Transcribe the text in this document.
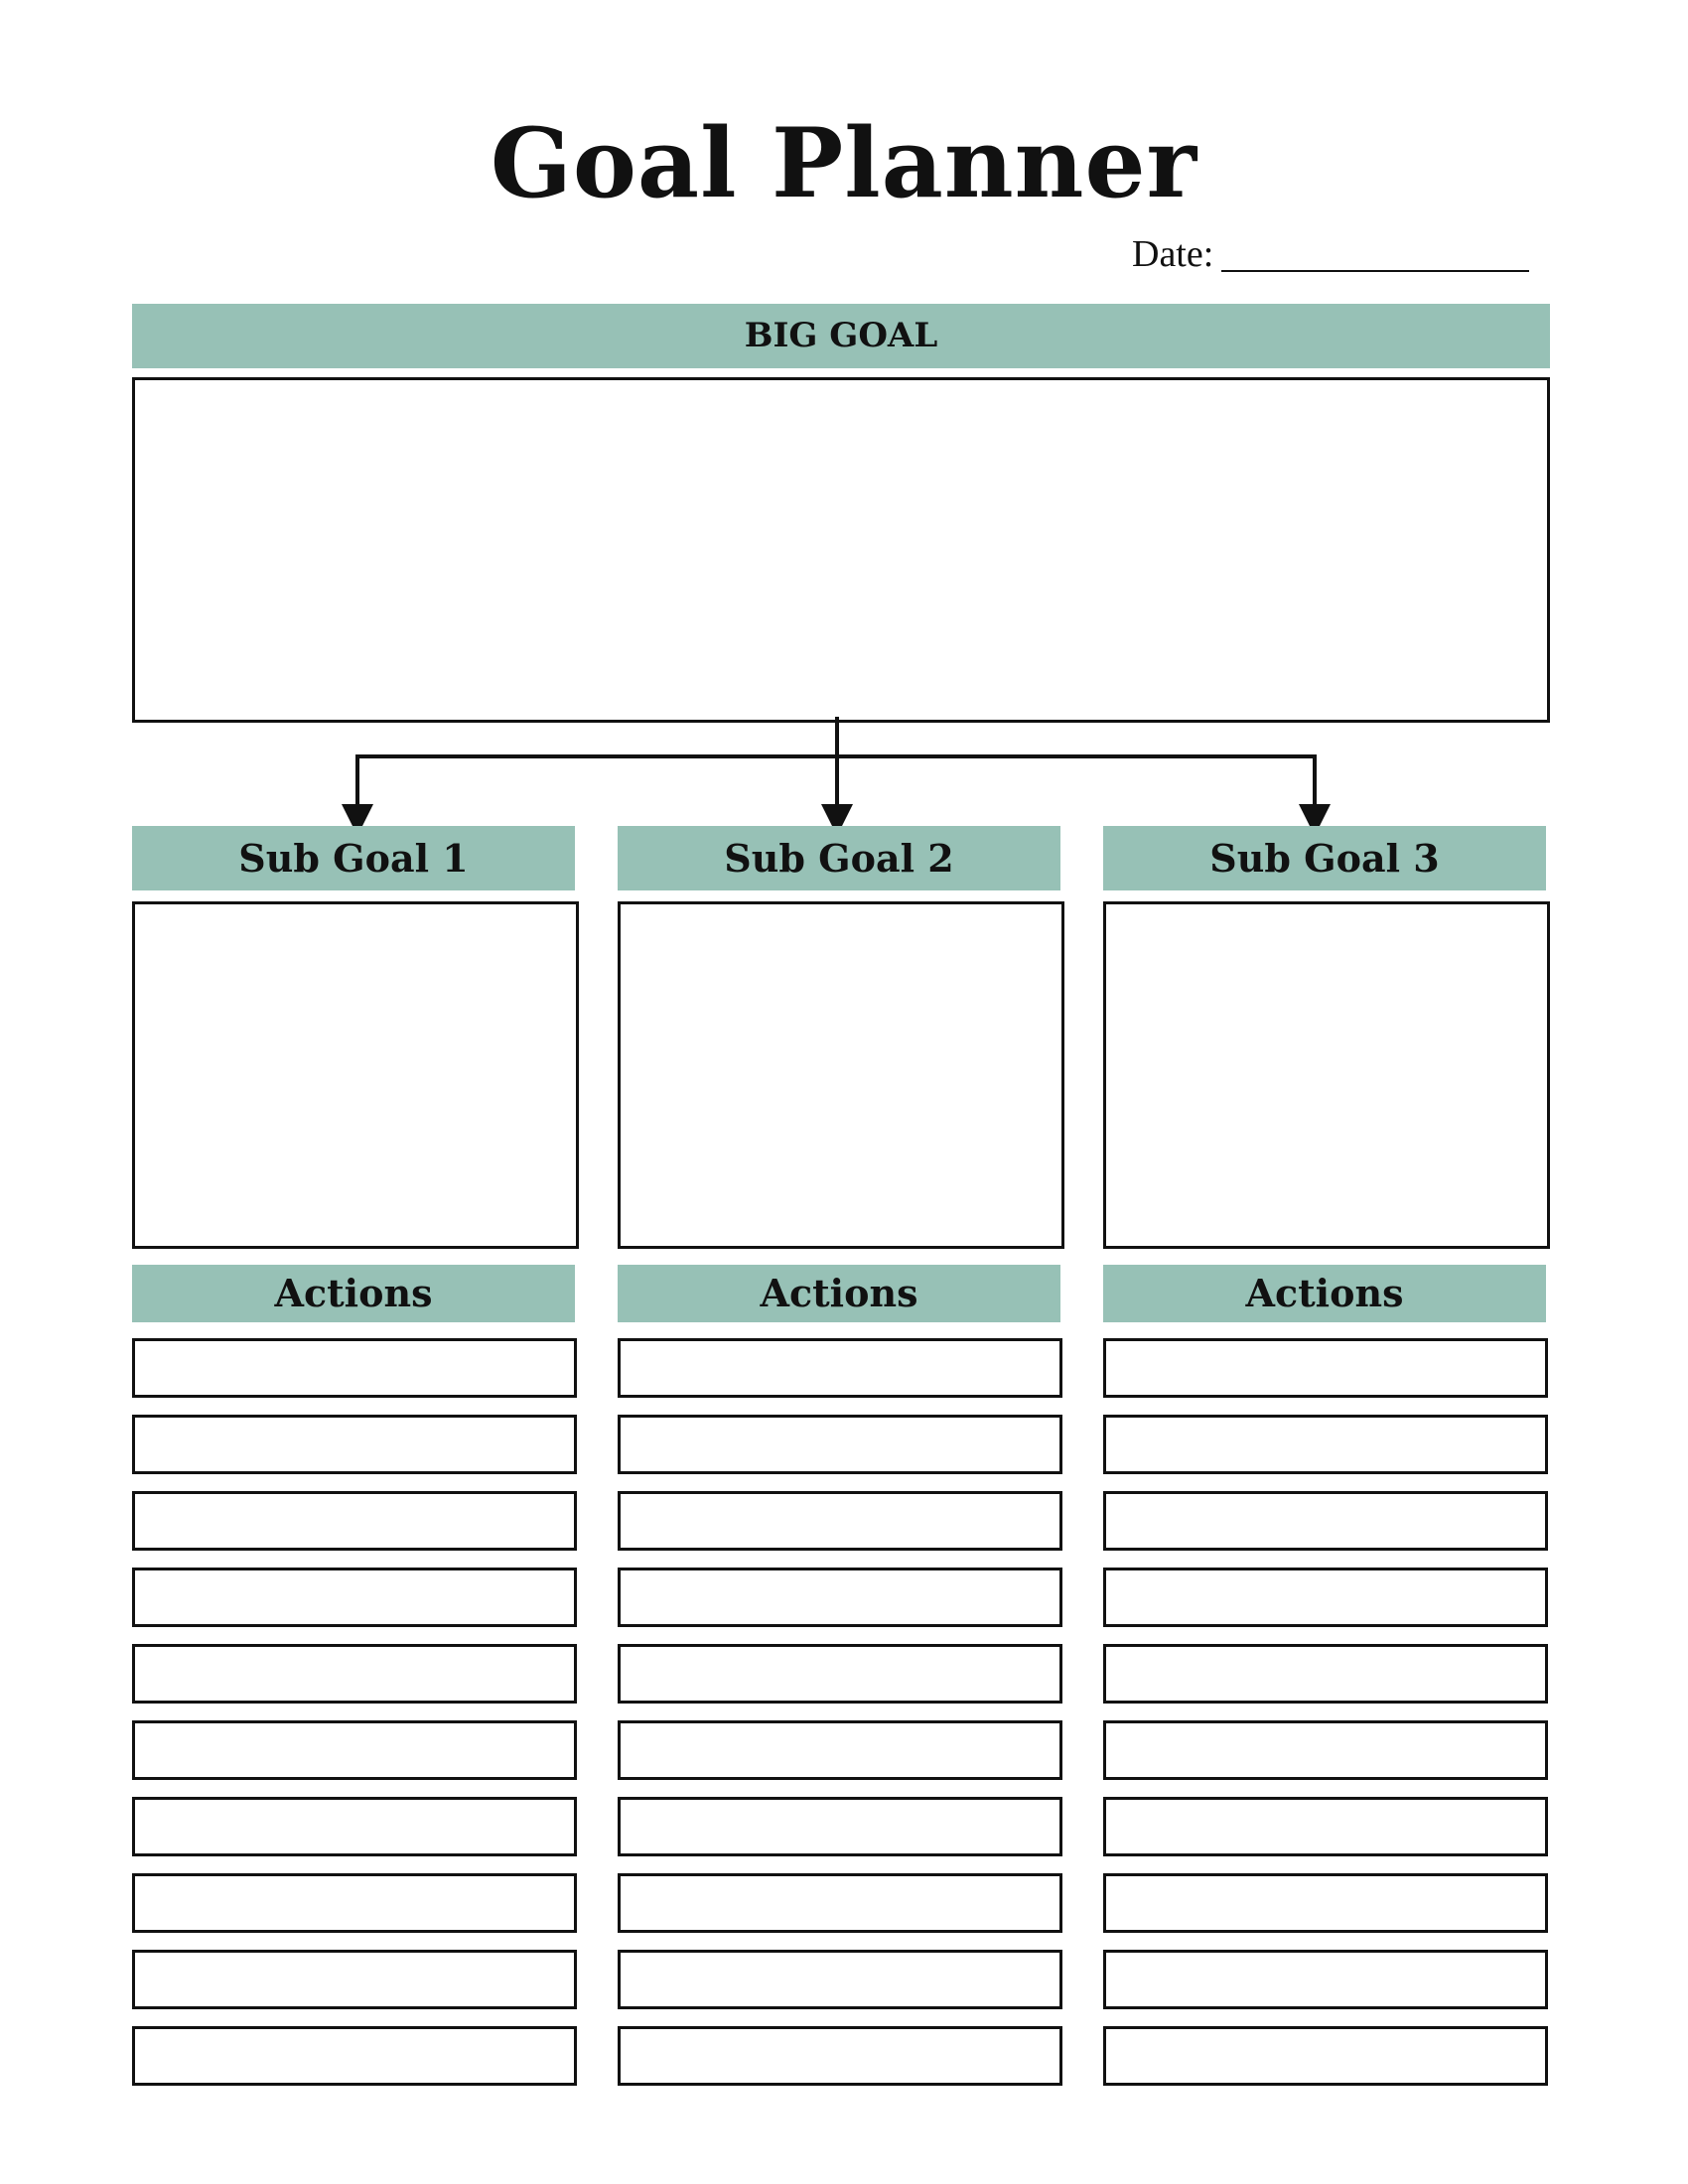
Goal Planner
Date:
BIG GOAL
Sub Goal 1
Actions
Sub Goal 2
Actions
Sub Goal 3
Actions
